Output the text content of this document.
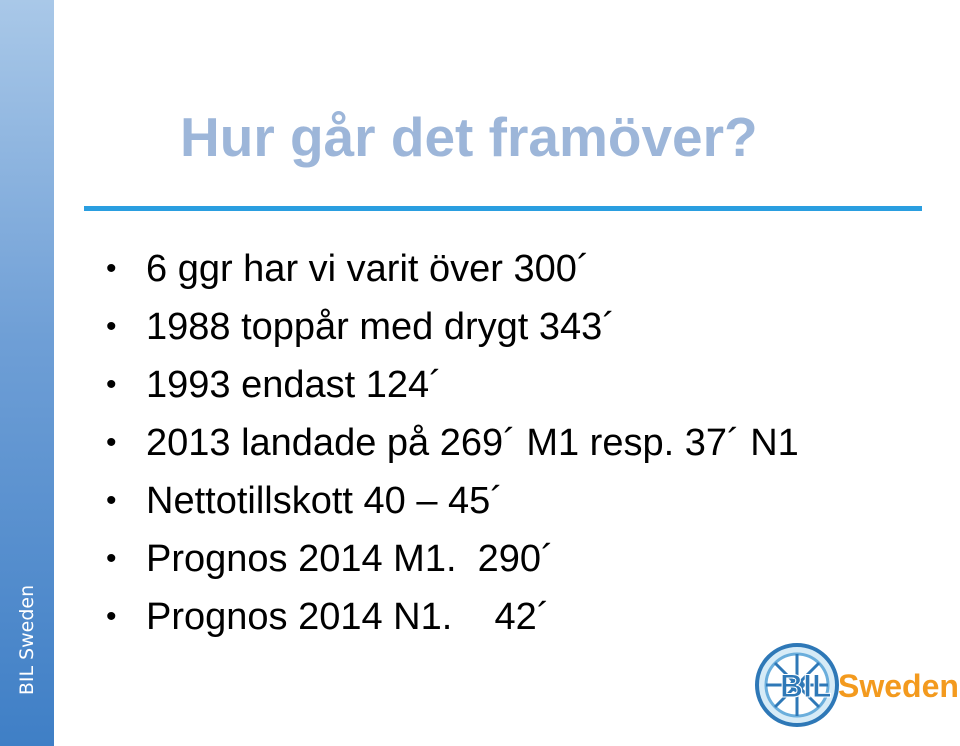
BIL Sweden
Hur går det framöver?
• 6 ggr har vi varit över 300´
• 1988 toppår med drygt 343´
• 1993 endast 124´
• 2013 landade på 269´ M1 resp. 37´ N1
• Nettotillskott 40 – 45´
• Prognos 2014 M1.  290´
• Prognos 2014 N1.    42´
BIL Sweden
